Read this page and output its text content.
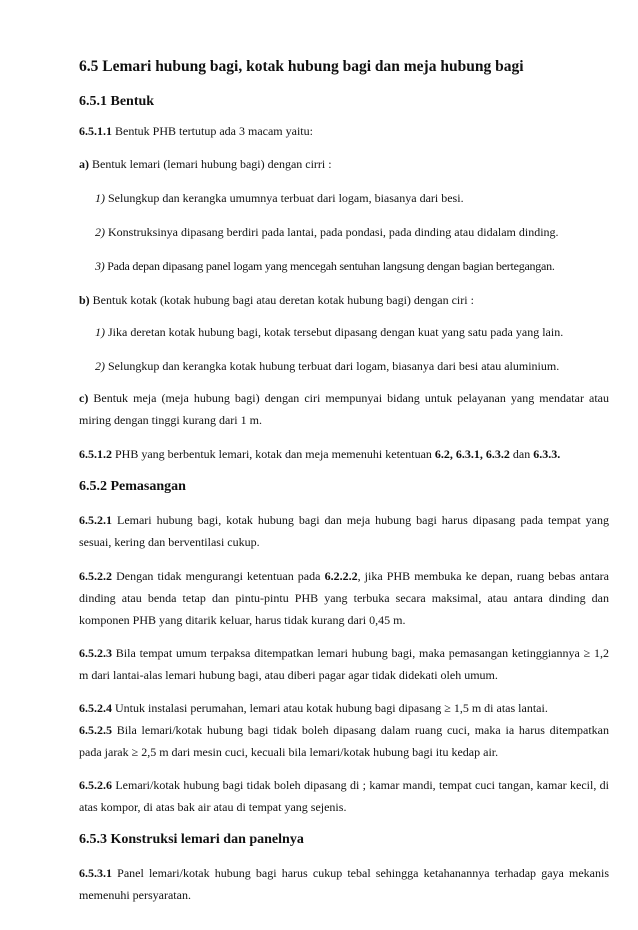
6.5 Lemari hubung bagi, kotak hubung bagi dan meja hubung bagi
6.5.1 Bentuk

6.5.1.1 Bentuk PHB tertutup ada 3 macam yaitu:

a) Bentuk lemari (lemari hubung bagi) dengan cirri :

1) Selungkup dan kerangka umumnya terbuat dari logam, biasanya dari besi.

2) Konstruksinya dipasang berdiri pada lantai, pada pondasi, pada dinding atau didalam dinding.

3) Pada depan dipasang panel logam yang mencegah sentuhan langsung dengan bagian bertegangan.

b) Bentuk kotak (kotak hubung bagi atau deretan kotak hubung bagi) dengan ciri :

1) Jika deretan kotak hubung bagi, kotak tersebut dipasang dengan kuat yang satu pada yang lain.

2) Selungkup dan kerangka kotak hubung terbuat dari logam, biasanya dari besi atau aluminium.

c) Bentuk meja (meja hubung bagi) dengan ciri mempunyai bidang untuk pelayanan yang mendatar atau miring dengan tinggi kurang dari 1 m.

6.5.1.2 PHB yang berbentuk lemari, kotak dan meja memenuhi ketentuan 6.2, 6.3.1, 6.3.2 dan 6.3.3.

6.5.2 Pemasangan

6.5.2.1 Lemari hubung bagi, kotak hubung bagi dan meja hubung bagi harus dipasang pada tempat yang sesuai, kering dan berventilasi cukup.

6.5.2.2 Dengan tidak mengurangi ketentuan pada 6.2.2.2, jika PHB membuka ke depan, ruang bebas antara dinding atau benda tetap dan pintu-pintu PHB yang terbuka secara maksimal, atau antara dinding dan komponen PHB yang ditarik keluar, harus tidak kurang dari 0,45 m.

6.5.2.3 Bila tempat umum terpaksa ditempatkan lemari hubung bagi, maka pemasangan ketinggiannya ≥ 1,2 m dari lantai-alas lemari hubung bagi, atau diberi pagar agar tidak didekati oleh umum.

6.5.2.4 Untuk instalasi perumahan, lemari atau kotak hubung bagi dipasang ≥ 1,5 m di atas lantai.

6.5.2.5 Bila lemari/kotak hubung bagi tidak boleh dipasang dalam ruang cuci, maka ia harus ditempatkan pada jarak ≥ 2,5 m dari mesin cuci, kecuali bila lemari/kotak hubung bagi itu kedap air.

6.5.2.6 Lemari/kotak hubung bagi tidak boleh dipasang di ; kamar mandi, tempat cuci tangan, kamar kecil, di atas kompor, di atas bak air atau di tempat yang sejenis.

6.5.3 Konstruksi lemari dan panelnya

6.5.3.1 Panel lemari/kotak hubung bagi harus cukup tebal sehingga ketahanannya terhadap gaya mekanis memenuhi persyaratan.
